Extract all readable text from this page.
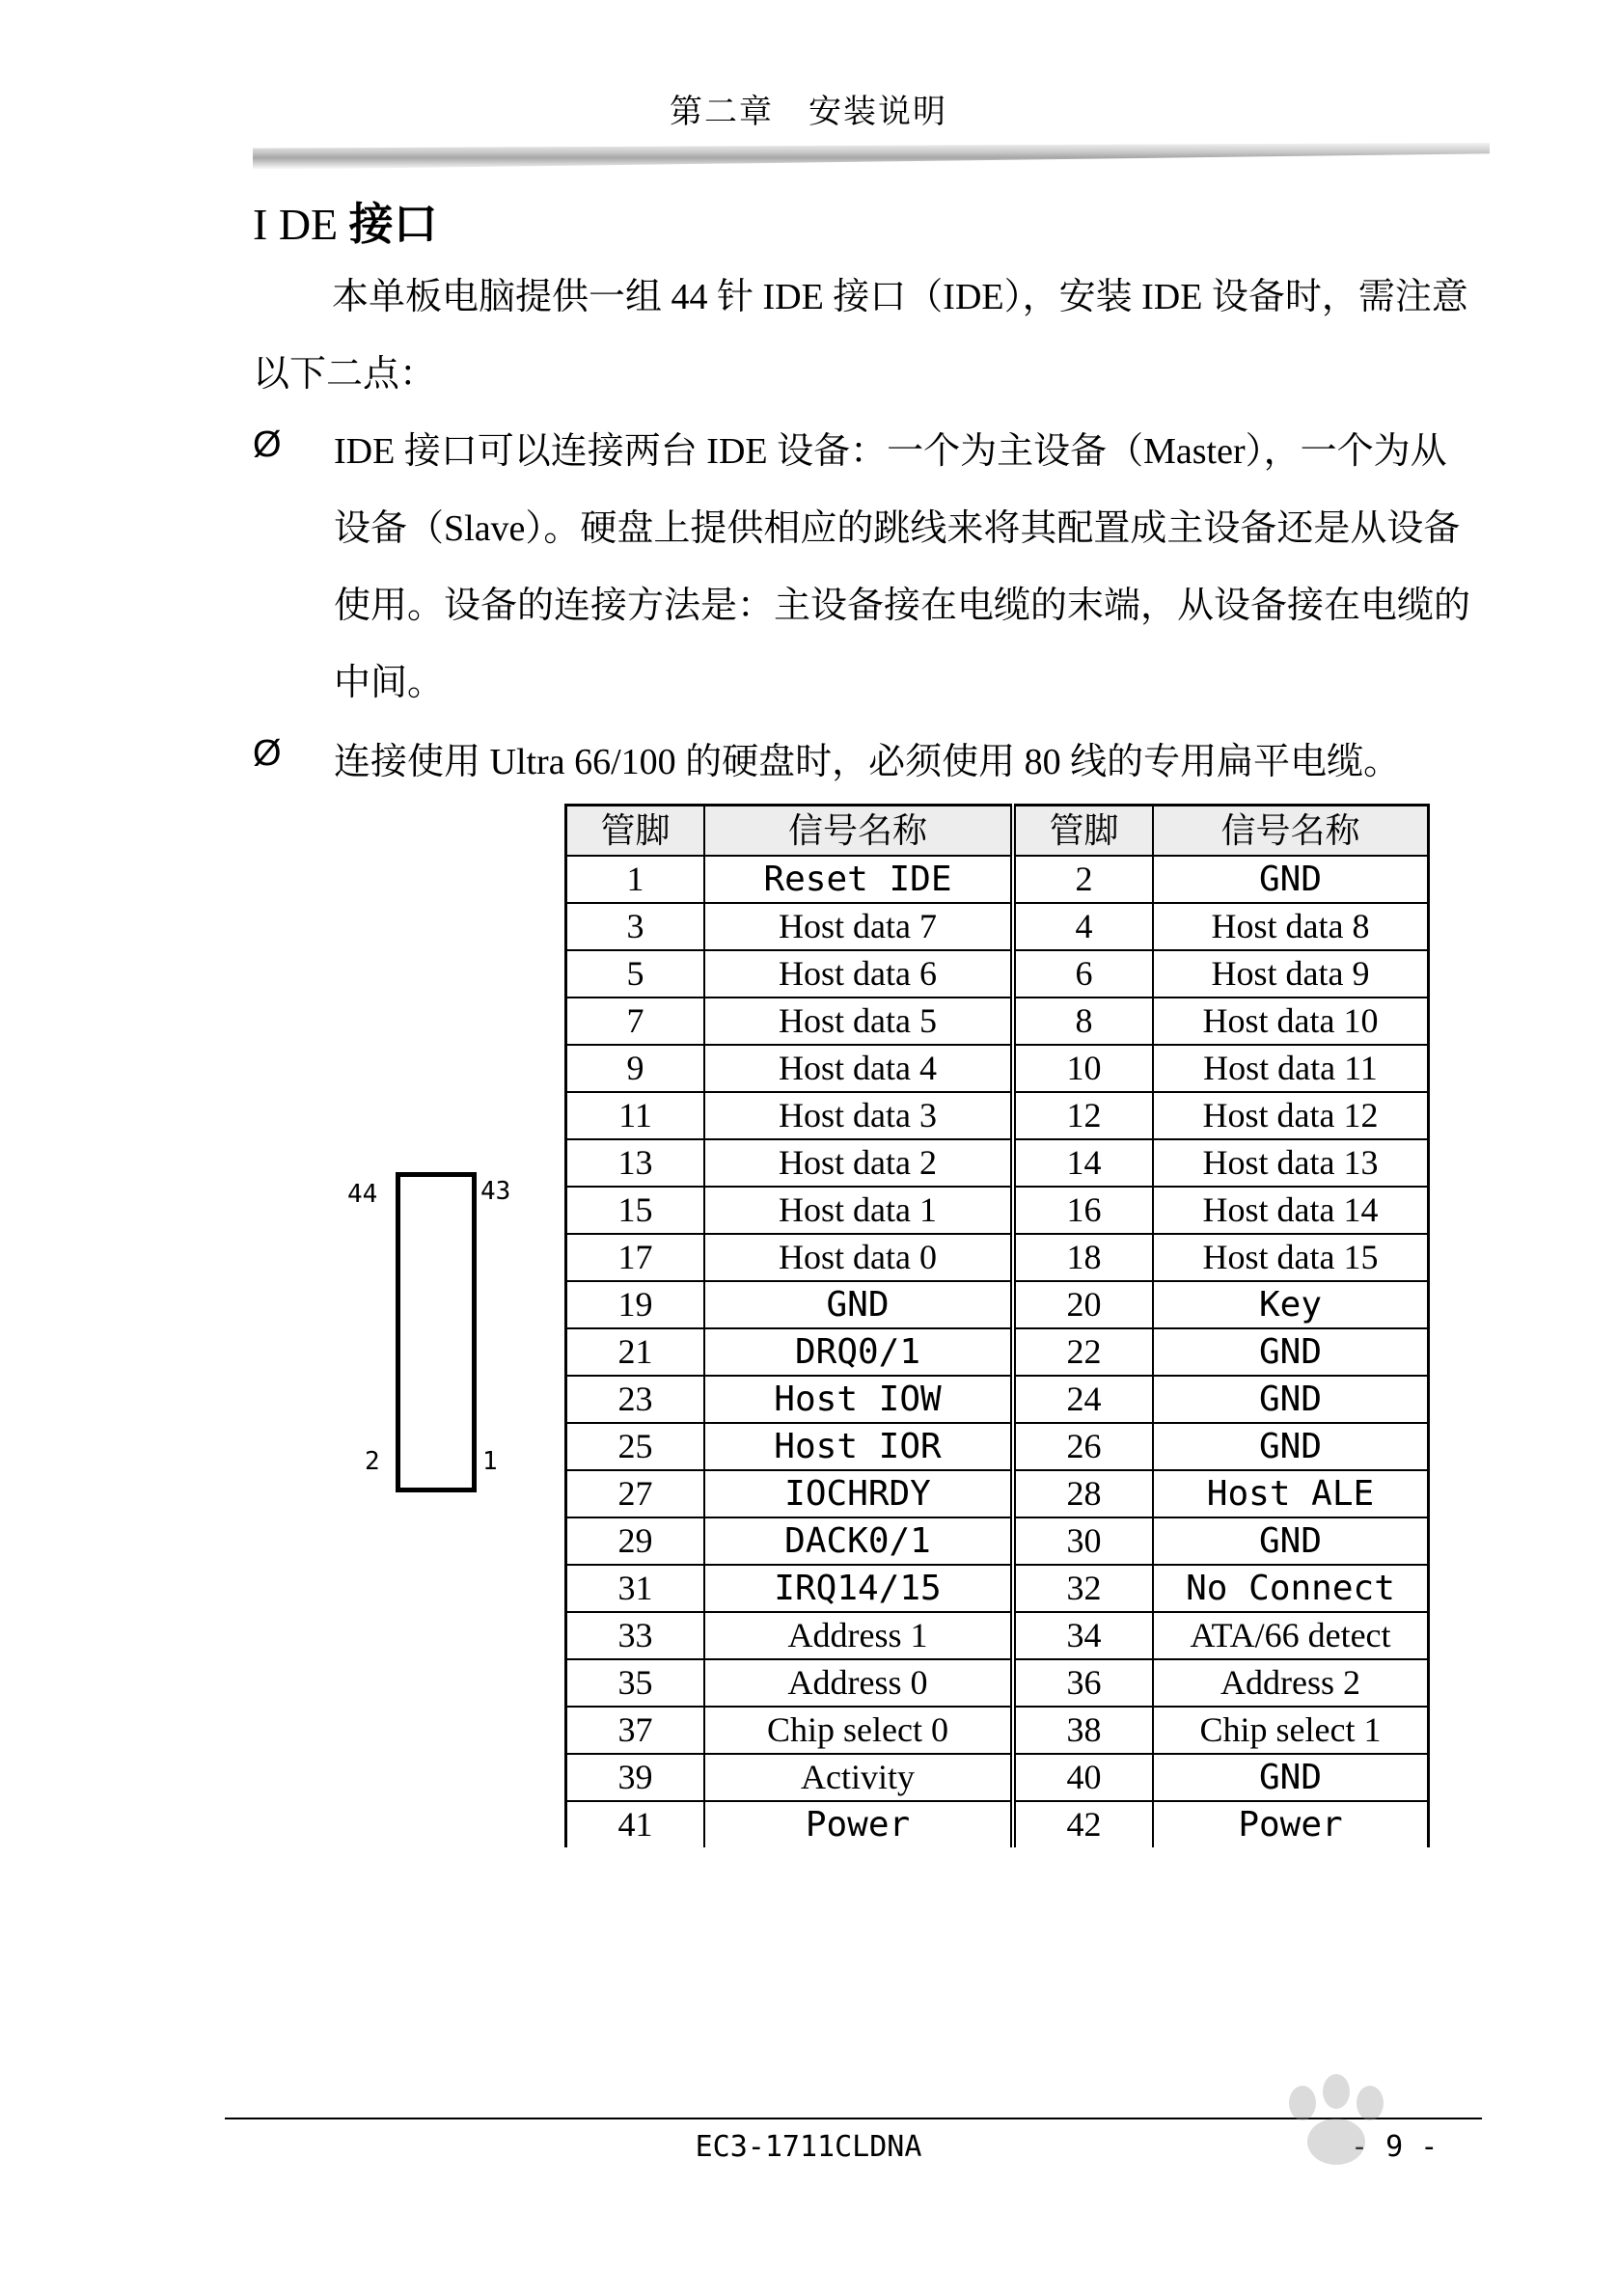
第二章　安装说明
I DE 接口
本单板电脑提供一组 44 针 IDE 接口（IDE），安装 IDE 设备时，需注意以下二点：
Ø IDE 接口可以连接两台 IDE 设备：一个为主设备（Master），一个为从设备（Slave）。硬盘上提供相应的跳线来将其配置成主设备还是从设备使用。设备的连接方法是：主设备接在电缆的末端，从设备接在电缆的中间。
Ø 连接使用 Ultra 66/100 的硬盘时，必须使用 80 线的专用扁平电缆。
44	43
2	1
管脚	信号名称	管脚	信号名称
1	Reset IDE	2	GND
3	Host data 7	4	Host data 8
5	Host data 6	6	Host data 9
7	Host data 5	8	Host data 10
9	Host data 4	10	Host data 11
11	Host data 3	12	Host data 12
13	Host data 2	14	Host data 13
15	Host data 1	16	Host data 14
17	Host data 0	18	Host data 15
19	GND	20	Key
21	DRQ0/1	22	GND
23	Host IOW	24	GND
25	Host IOR	26	GND
27	IOCHRDY	28	Host ALE
29	DACK0/1	30	GND
31	IRQ14/15	32	No Connect
33	Address 1	34	ATA/66 detect
35	Address 0	36	Address 2
37	Chip select 0	38	Chip select 1
39	Activity	40	GND
41	Power	42	Power
EC3-1711CLDNA	- 9 -
